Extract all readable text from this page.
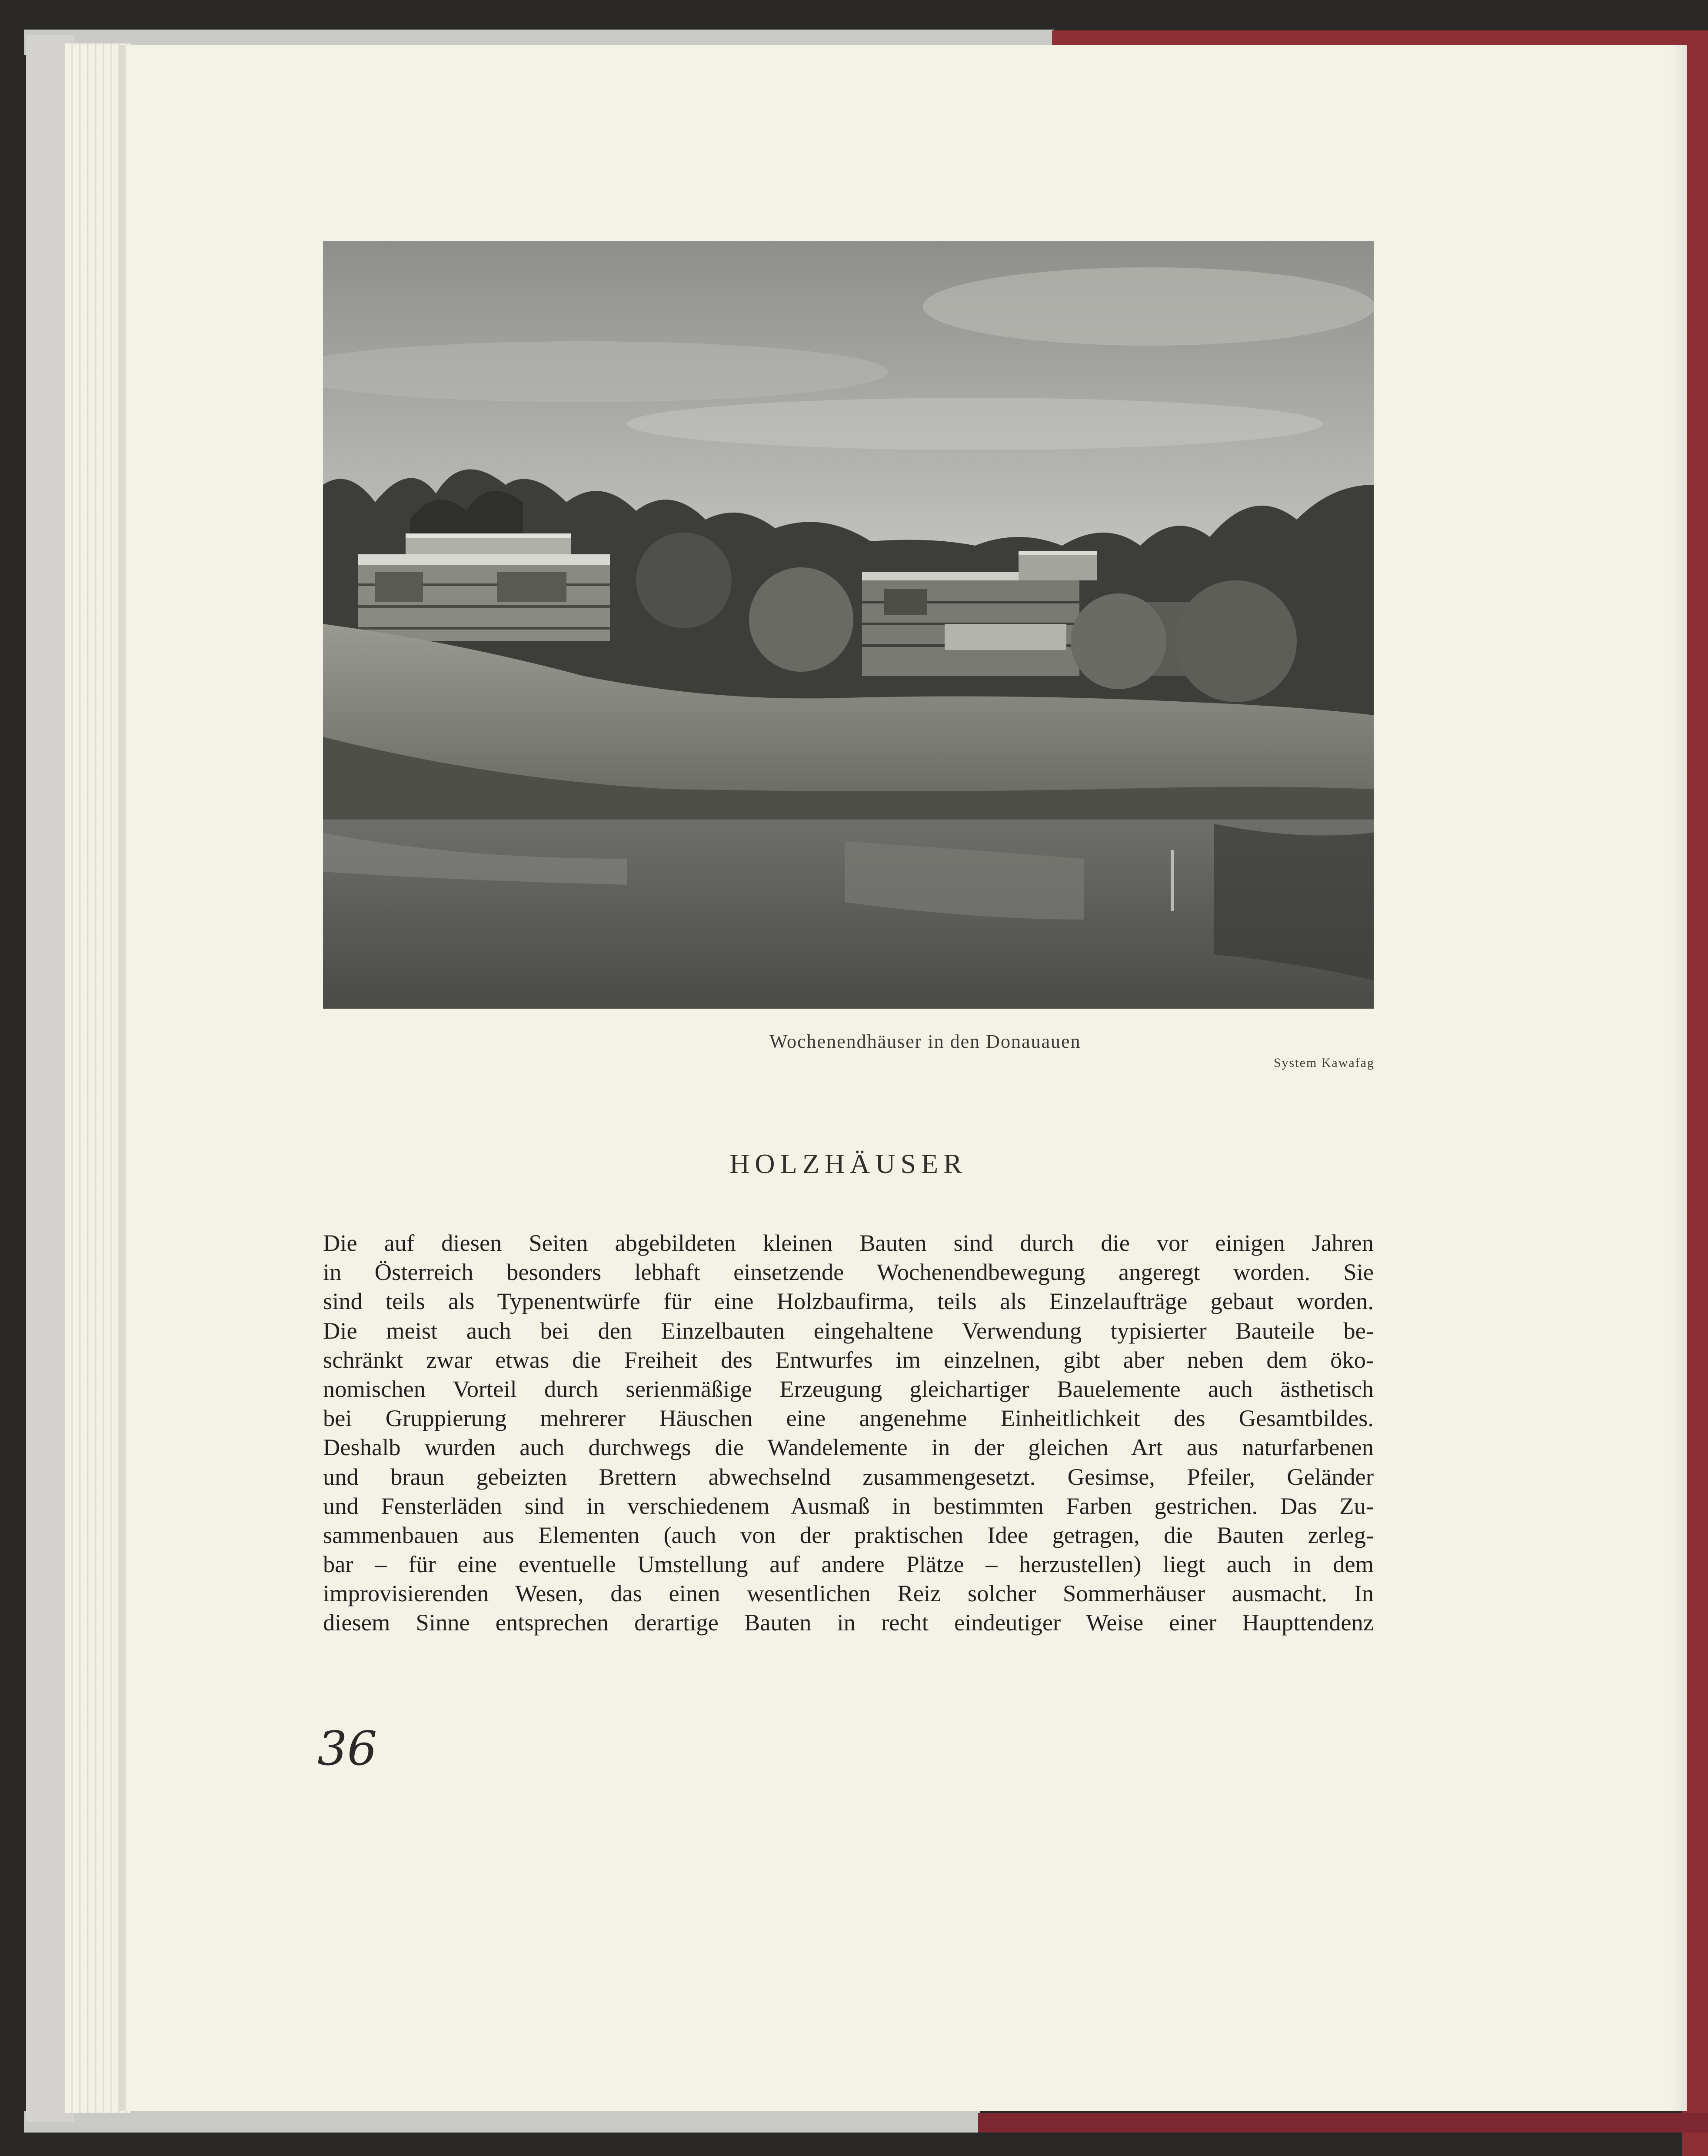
Wochenendhäuser in den Donauauen
System Kawafag
HOLZHÄUSER
Die auf diesen Seiten abgebildeten kleinen Bauten sind durch die vor einigen Jahren
in Österreich besonders lebhaft einsetzende Wochenendbewegung angeregt worden. Sie
sind teils als Typenentwürfe für eine Holzbaufirma, teils als Einzelaufträge gebaut worden.
Die meist auch bei den Einzelbauten eingehaltene Verwendung typisierter Bauteile be-
schränkt zwar etwas die Freiheit des Entwurfes im einzelnen, gibt aber neben dem öko-
nomischen Vorteil durch serienmäßige Erzeugung gleichartiger Bauelemente auch ästhetisch
bei Gruppierung mehrerer Häuschen eine angenehme Einheitlichkeit des Gesamtbildes.
Deshalb wurden auch durchwegs die Wandelemente in der gleichen Art aus naturfarbenen
und braun gebeizten Brettern abwechselnd zusammengesetzt. Gesimse, Pfeiler, Geländer
und Fensterläden sind in verschiedenem Ausmaß in bestimmten Farben gestrichen. Das Zu-
sammenbauen aus Elementen (auch von der praktischen Idee getragen, die Bauten zerleg-
bar – für eine eventuelle Umstellung auf andere Plätze – herzustellen) liegt auch in dem
improvisierenden Wesen, das einen wesentlichen Reiz solcher Sommerhäuser ausmacht. In
diesem Sinne entsprechen derartige Bauten in recht eindeutiger Weise einer Haupttendenz
36
